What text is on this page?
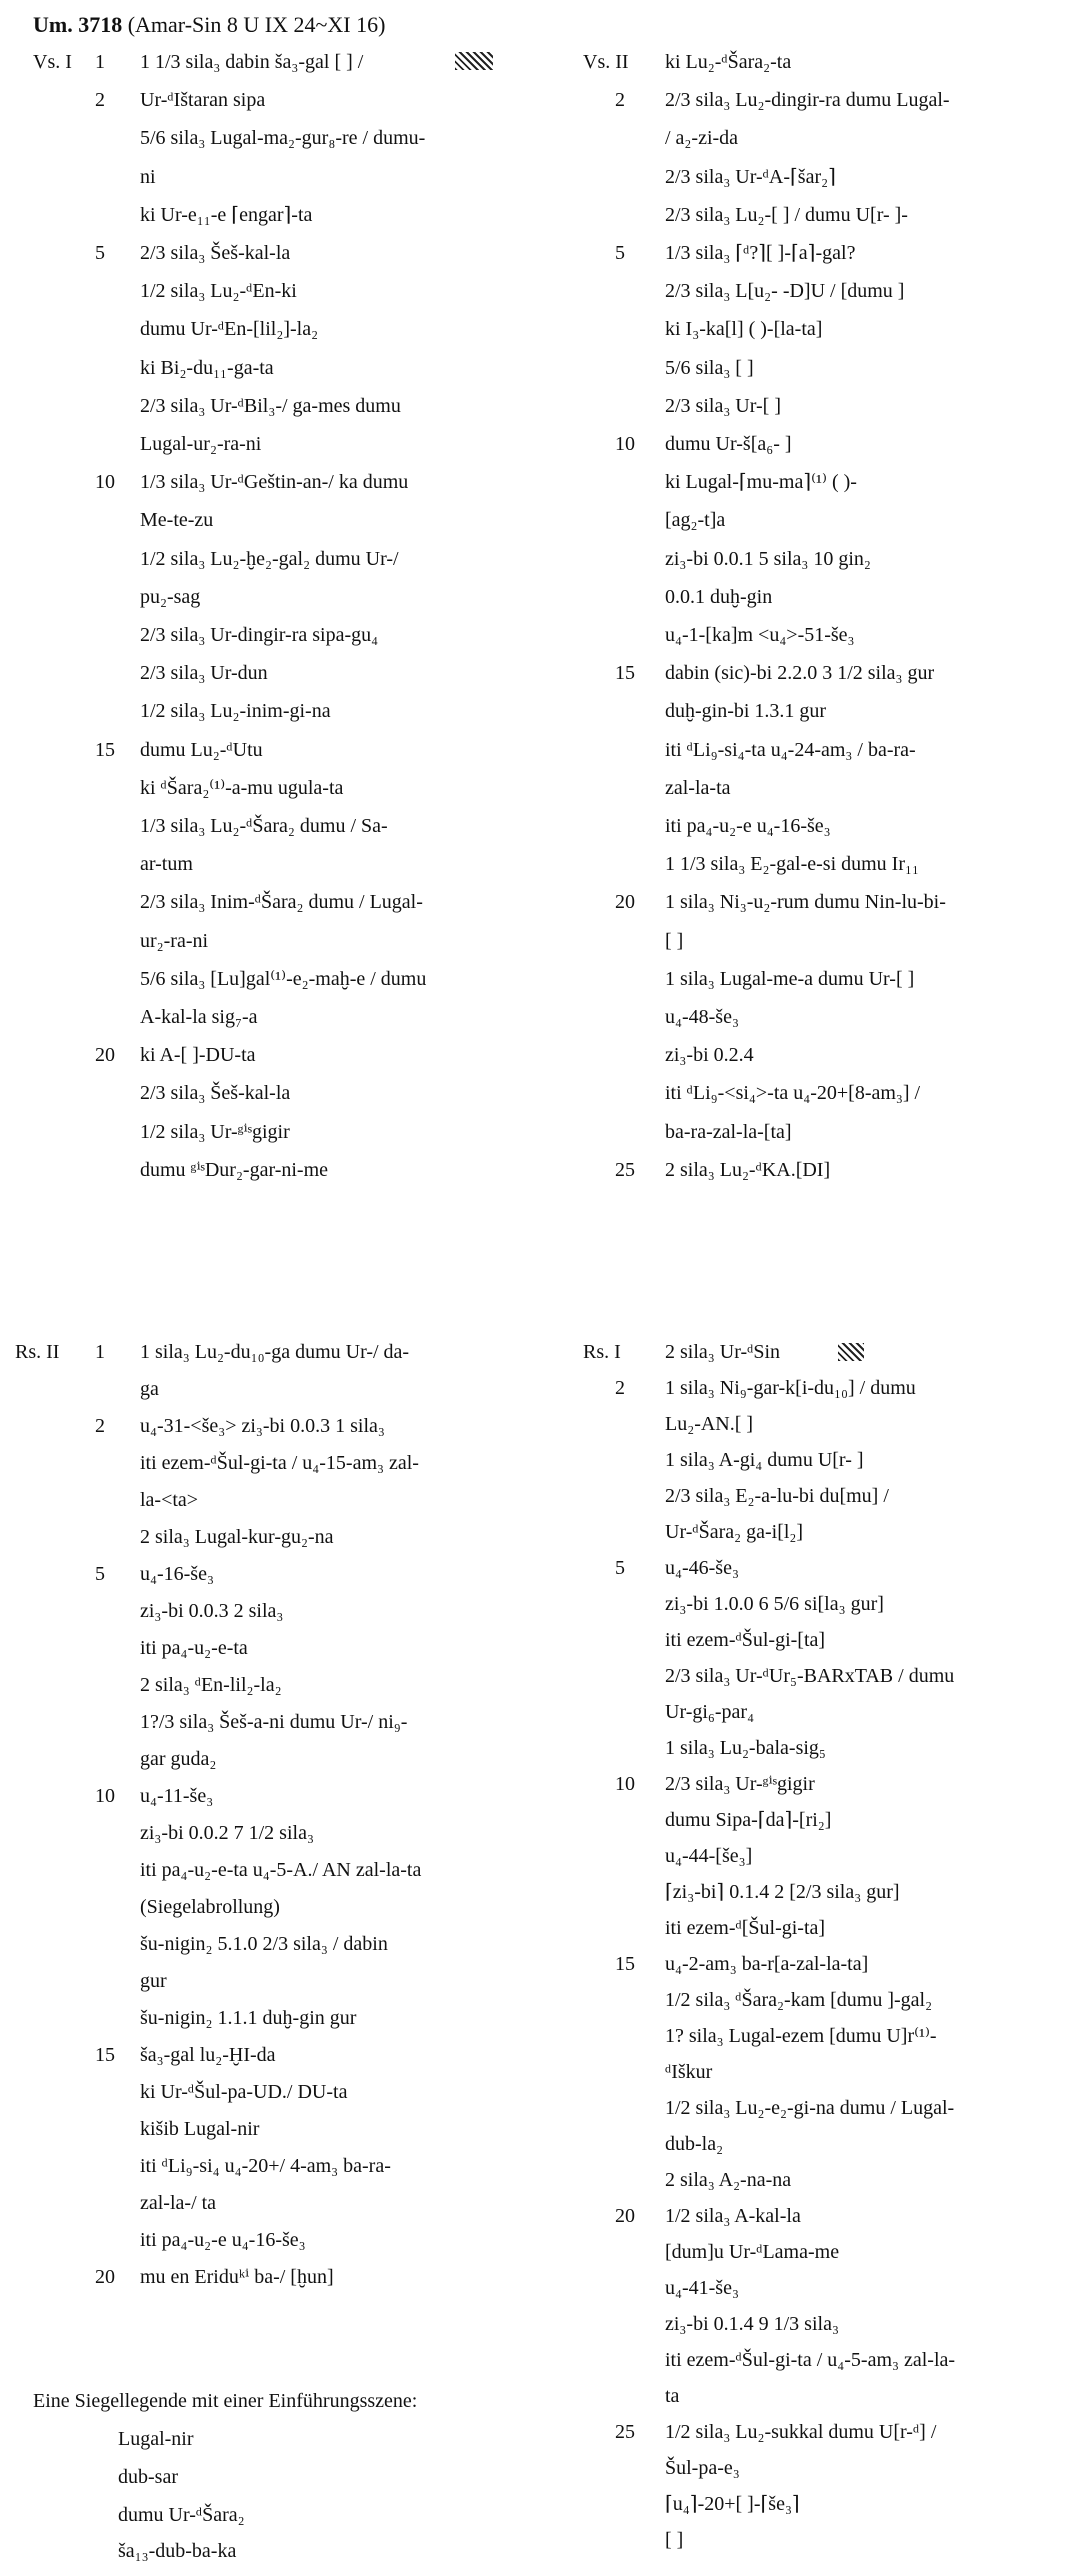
Um. 3718 (Amar-Sin 8 U IX 24~XI 16)
Vs. I 1	1 1/3 sila₃ dabin ša₃-gal [ ] /
2	Ur-ᵈIštaran sipa
5/6 sila₃ Lugal-ma₂-gur₈-re / dumu-
ni
ki Ur-e₁₁-e ⌈engar⌉-ta
5	2/3 sila₃ Šeš-kal-la
1/2 sila₃ Lu₂-ᵈEn-ki
dumu Ur-ᵈEn-[lil₂]-la₂
ki Bi₂-du₁₁-ga-ta
2/3 sila₃ Ur-ᵈBil₃-/ ga-mes dumu
Lugal-ur₂-ra-ni
10	1/3 sila₃ Ur-ᵈGeštin-an-/ ka dumu
Me-te-zu
1/2 sila₃ Lu₂-ḫe₂-gal₂ dumu Ur-/
pu₂-sag
2/3 sila₃ Ur-dingir-ra sipa-gu₄
2/3 sila₃ Ur-dun
1/2 sila₃ Lu₂-inim-gi-na
15	dumu Lu₂-ᵈUtu
ki ᵈŠara₂⁽¹⁾-a-mu ugula-ta
1/3 sila₃ Lu₂-ᵈŠara₂ dumu / Sa-
ar-tum
2/3 sila₃ Inim-ᵈŠara₂ dumu / Lugal-
ur₂-ra-ni
5/6 sila₃ [Lu]gal⁽¹⁾-e₂-maḫ-e / dumu
A-kal-la sig₇-a
20	ki A-[ ]-DU-ta
2/3 sila₃ Šeš-kal-la
1/2 sila₃ Ur-ᵍⁱˢgigir
dumu ᵍⁱˢDur₂-gar-ni-me
Vs. II ki Lu₂-ᵈŠara₂-ta
2	2/3 sila₃ Lu₂-dingir-ra dumu Lugal-
/ a₂-zi-da
2/3 sila₃ Ur-ᵈA-⌈šar₂⌉
2/3 sila₃ Lu₂-[ ] / dumu U[r- ]-
5	1/3 sila₃ ⌈ᵈ?⌉[ ]-⌈a⌉-gal?
2/3 sila₃ L[u₂- -D]U / [dumu ]
ki I₃-ka[l] ( )-[la-ta]
5/6 sila₃ [ ]
2/3 sila₃ Ur-[ ]
10	dumu Ur-š[a₆- ]
ki Lugal-⌈mu-ma⌉⁽¹⁾ ( )-
[ag₂-t]a
zi₃-bi 0.0.1 5 sila₃ 10 gin₂
0.0.1 duḫ-gin
u₄-1-[ka]m <u₄>-51-še₃
15	dabin (sic)-bi 2.2.0 3 1/2 sila₃ gur
duḫ-gin-bi 1.3.1 gur
iti ᵈLi₉-si₄-ta u₄-24-am₃ / ba-ra-
zal-la-ta
iti pa₄-u₂-e u₄-16-še₃
1 1/3 sila₃ E₂-gal-e-si dumu Ir₁₁
20	1 sila₃ Ni₃-u₂-rum dumu Nin-lu-bi-
[ ]
1 sila₃ Lugal-me-a dumu Ur-[ ]
u₄-48-še₃
zi₃-bi 0.2.4
iti ᵈLi₉-<si₄>-ta u₄-20+[8-am₃] /
ba-ra-zal-la-[ta]
25	2 sila₃ Lu₂-ᵈKA.[DI]
Rs. II 1	1 sila₃ Lu₂-du₁₀-ga dumu Ur-/ da-
ga
2	u₄-31-<še₃> zi₃-bi 0.0.3 1 sila₃
iti ezem-ᵈŠul-gi-ta / u₄-15-am₃ zal-
la-<ta>
2 sila₃ Lugal-kur-gu₂-na
5	u₄-16-še₃
zi₃-bi 0.0.3 2 sila₃
iti pa₄-u₂-e-ta
2 sila₃ ᵈEn-lil₂-la₂
1?/3 sila₃ Šeš-a-ni dumu Ur-/ ni₉-
gar guda₂
10	u₄-11-še₃
zi₃-bi 0.0.2 7 1/2 sila₃
iti pa₄-u₂-e-ta u₄-5-A./ AN zal-la-ta
(Siegelabrollung)
šu-nigin₂ 5.1.0 2/3 sila₃ / dabin
gur
šu-nigin₂ 1.1.1 duḫ-gin gur
15	ša₃-gal lu₂-ḪI-da
ki Ur-ᵈŠul-pa-UD./ DU-ta
kišib Lugal-nir
iti ᵈLi₉-si₄ u₄-20+/ 4-am₃ ba-ra-
zal-la-/ ta
iti pa₄-u₂-e u₄-16-še₃
20	mu en Eriduᵏⁱ ba-/ [ḫun]
Rs. I 2 sila₃ Ur-ᵈSin
2	1 sila₃ Ni₉-gar-k[i-du₁₀] / dumu
Lu₂-AN.[ ]
1 sila₃ A-gi₄ dumu U[r- ]
2/3 sila₃ E₂-a-lu-bi du[mu] /
Ur-ᵈŠara₂ ga-i[l₂]
5	u₄-46-še₃
zi₃-bi 1.0.0 6 5/6 si[la₃ gur]
iti ezem-ᵈŠul-gi-[ta]
2/3 sila₃ Ur-ᵈUr₅-BARxTAB / dumu
Ur-gi₆-par₄
1 sila₃ Lu₂-bala-sig₅
10	2/3 sila₃ Ur-ᵍⁱˢgigir
dumu Sipa-⌈da⌉-[ri₂]
u₄-44-[še₃]
⌈zi₃-bi⌉ 0.1.4 2 [2/3 sila₃ gur]
iti ezem-ᵈ[Šul-gi-ta]
15	u₄-2-am₃ ba-r[a-zal-la-ta]
1/2 sila₃ ᵈŠara₂-kam [dumu ]-gal₂
1? sila₃ Lugal-ezem [dumu U]r⁽¹⁾-
ᵈIškur
1/2 sila₃ Lu₂-e₂-gi-na dumu / Lugal-
dub-la₂
2 sila₃ A₂-na-na
20	1/2 sila₃ A-kal-la
[dum]u Ur-ᵈLama-me
u₄-41-še₃
zi₃-bi 0.1.4 9 1/3 sila₃
iti ezem-ᵈŠul-gi-ta / u₄-5-am₃ zal-la-
ta
25	1/2 sila₃ Lu₂-sukkal dumu U[r-ᵈ] /
Šul-pa-e₃
⌈u₄⌉-20+[ ]-⌈še₃⌉
[ ]
Eine Siegellegende mit einer Einführungsszene:
Lugal-nir
dub-sar
dumu Ur-ᵈŠara₂
ša₁₃-dub-ba-ka
